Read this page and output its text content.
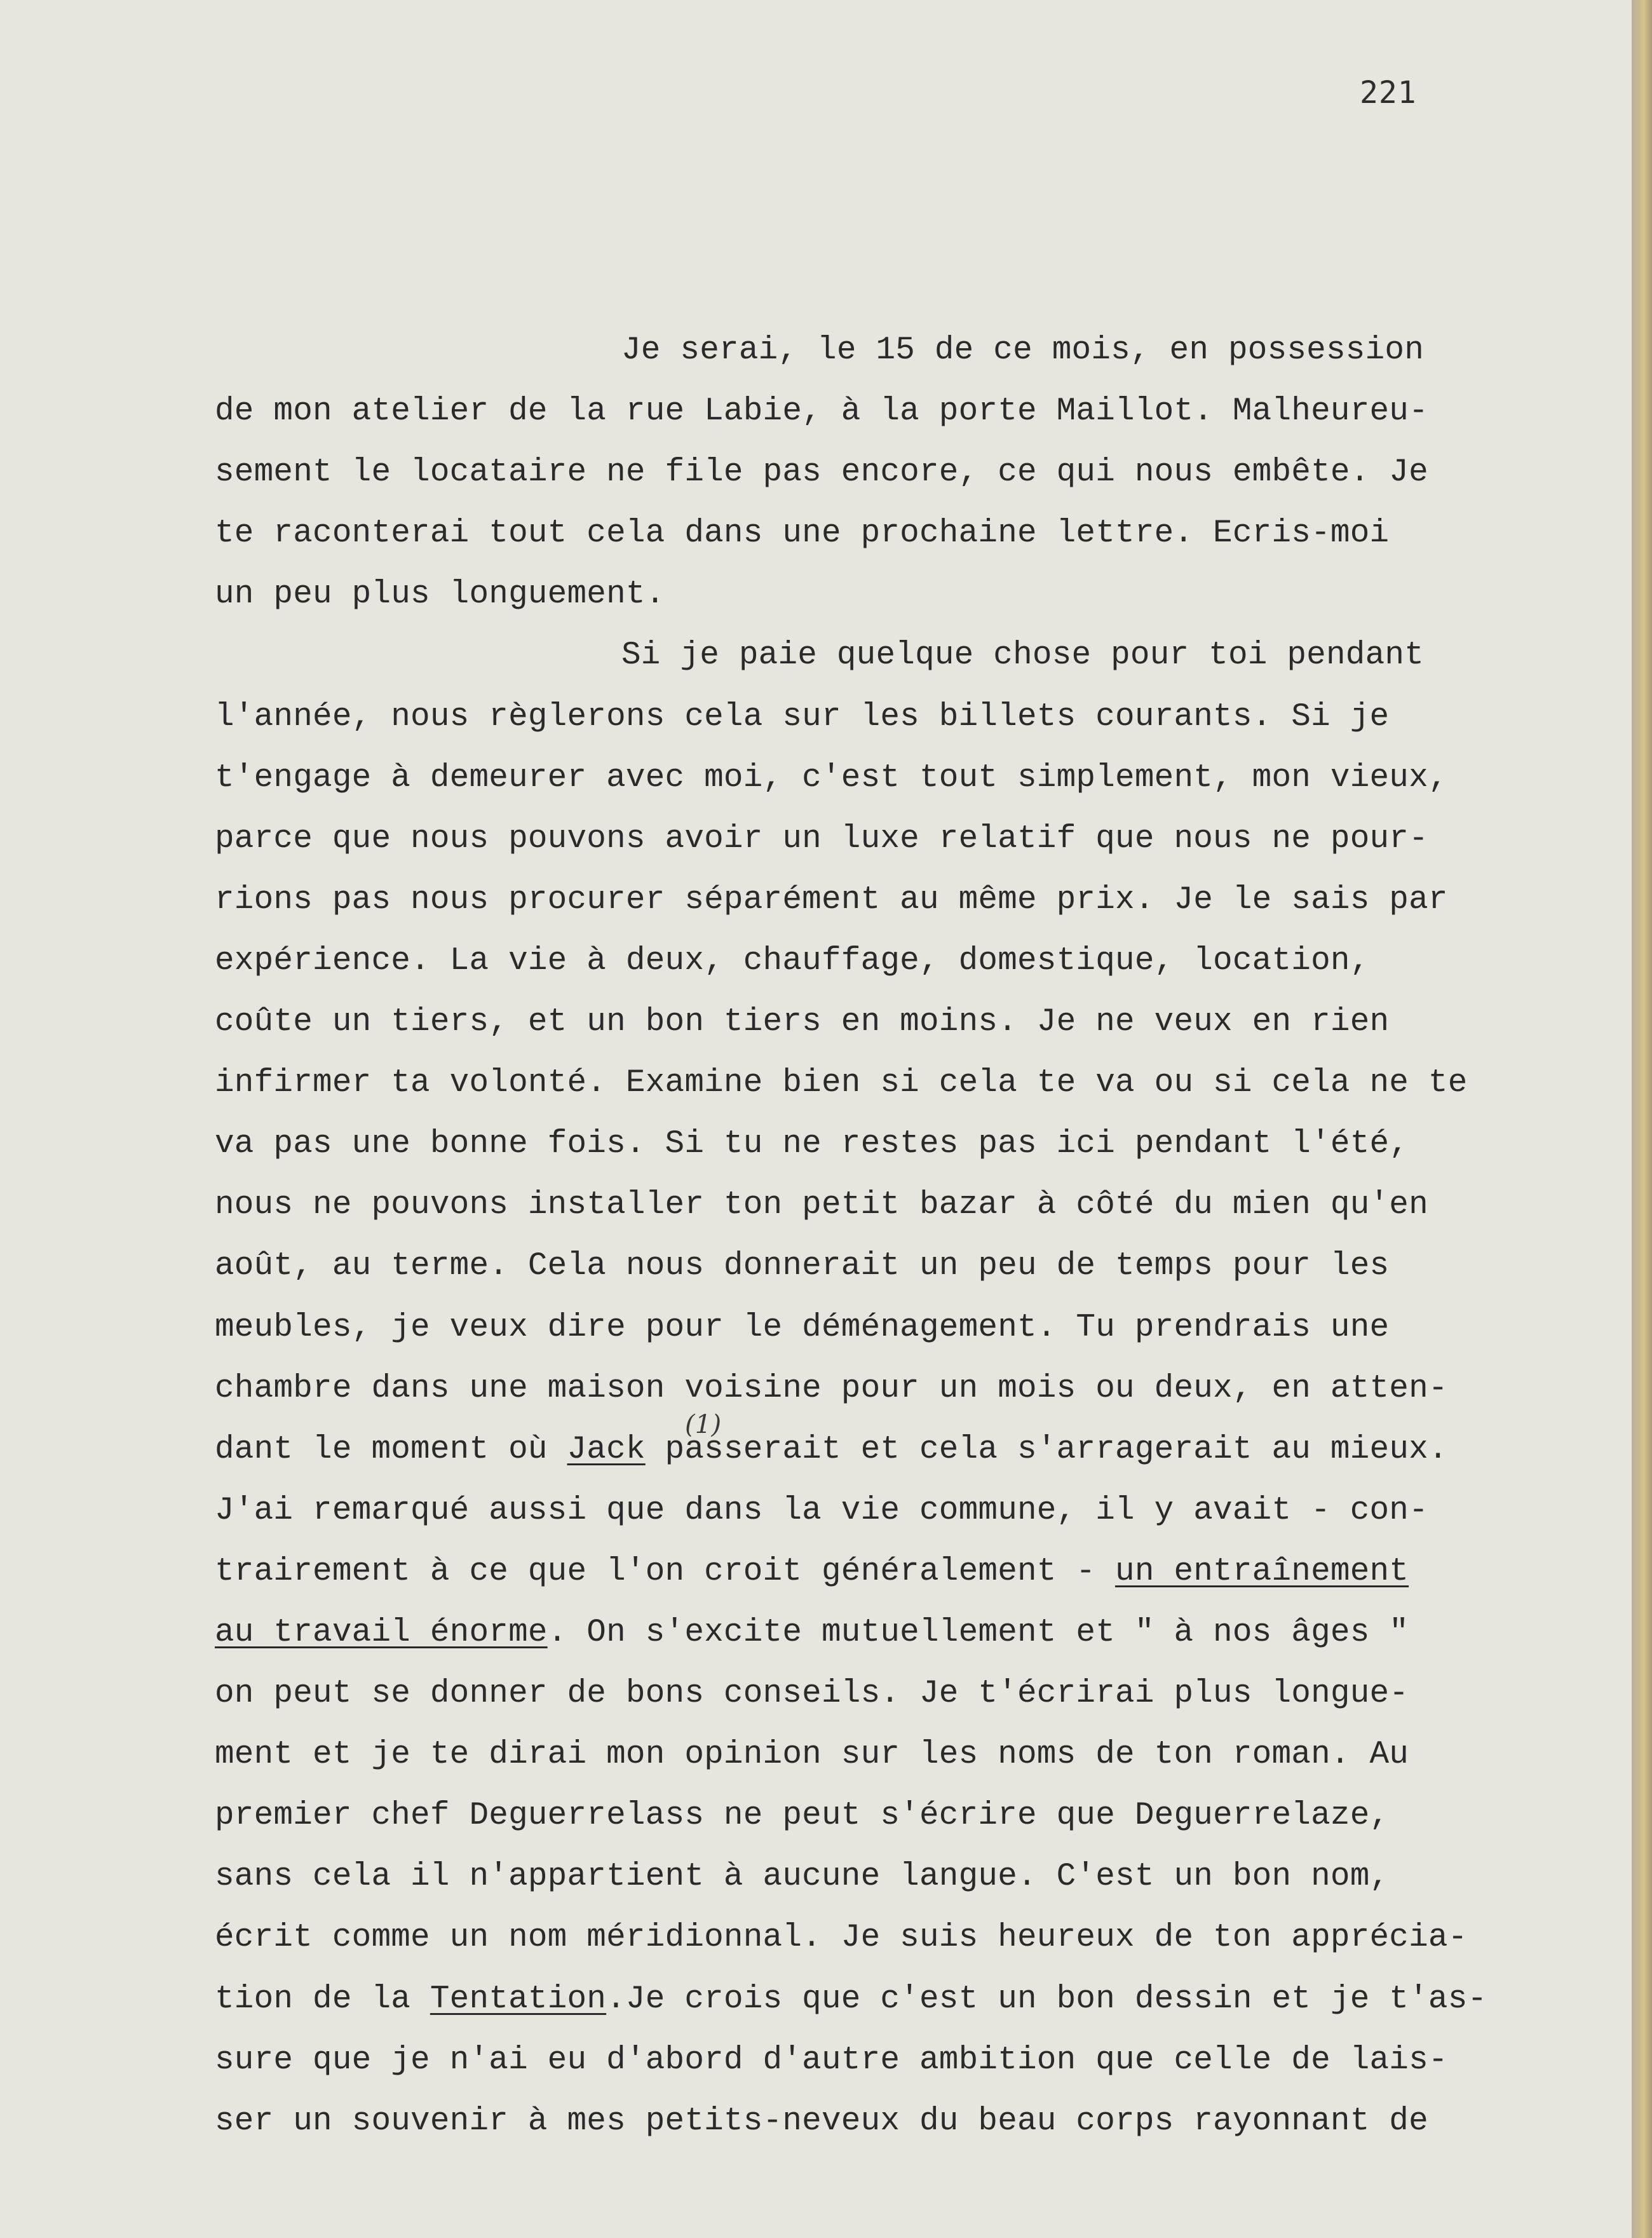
221
Je serai, le 15 de ce mois, en possession
de mon atelier de la rue Labie, à la porte Maillot. Malheureu-
sement le locataire ne file pas encore, ce qui nous embête. Je
te raconterai tout cela dans une prochaine lettre. Ecris-moi
un peu plus longuement.
Si je paie quelque chose pour toi pendant
l'année, nous règlerons cela sur les billets courants. Si je
t'engage à demeurer avec moi, c'est tout simplement, mon vieux,
parce que nous pouvons avoir un luxe relatif que nous ne pour-
rions pas nous procurer séparément au même prix. Je le sais par
expérience. La vie à deux, chauffage, domestique, location,
coûte un tiers, et un bon tiers en moins. Je ne veux en rien
infirmer ta volonté. Examine bien si cela te va ou si cela ne te
va pas une bonne fois. Si tu ne restes pas ici pendant l'été,
nous ne pouvons installer ton petit bazar à côté du mien qu'en
août, au terme. Cela nous donnerait un peu de temps pour les
meubles, je veux dire pour le déménagement. Tu prendrais une
chambre dans une maison voisine pour un mois ou deux, en atten-
(1)
dant le moment où Jack passerait et cela s'arragerait au mieux.
J'ai remarqué aussi que dans la vie commune, il y avait - con-
trairement à ce que l'on croit généralement - un entraînement
au travail énorme. On s'excite mutuellement et " à nos âges "
on peut se donner de bons conseils. Je t'écrirai plus longue-
ment et je te dirai mon opinion sur les noms de ton roman. Au
premier chef Deguerrelass ne peut s'écrire que Deguerrelaze,
sans cela il n'appartient à aucune langue. C'est un bon nom,
écrit comme un nom méridionnal. Je suis heureux de ton apprécia-
tion de la Tentation.Je crois que c'est un bon dessin et je t'as-
sure que je n'ai eu d'abord d'autre ambition que celle de lais-
ser un souvenir à mes petits-neveux du beau corps rayonnant de
